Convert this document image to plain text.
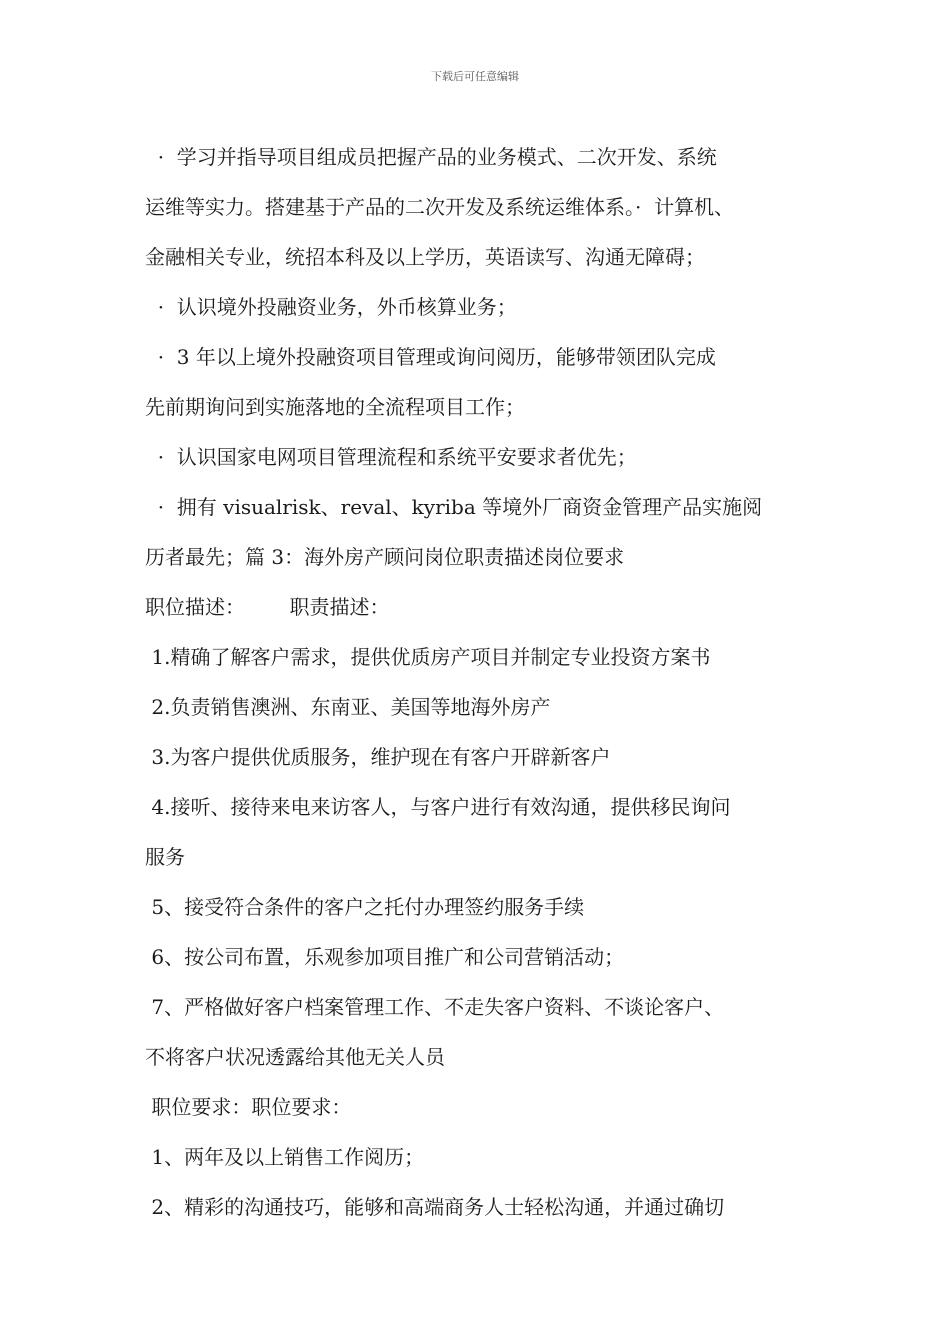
下载后可任意编辑
·  学习并指导项目组成员把握产品的业务模式、二次开发、系统
运维等实力。搭建基于产品的二次开发及系统运维体系。·  计算机、
金融相关专业，统招本科及以上学历，英语读写、沟通无障碍；
·  认识境外投融资业务，外币核算业务；
·  3 年以上境外投融资项目管理或询问阅历，能够带领团队完成
先前期询问到实施落地的全流程项目工作；
·  认识国家电网项目管理流程和系统平安要求者优先；
·  拥有 visualrisk、reval、kyriba 等境外厂商资金管理产品实施阅
历者最先；篇 3：海外房产顾问岗位职责描述岗位要求
职位描述：       职责描述：
1.精确了解客户需求，提供优质房产项目并制定专业投资方案书
2.负责销售澳洲、东南亚、美国等地海外房产
3.为客户提供优质服务，维护现在有客户开辟新客户
4.接听、接待来电来访客人，与客户进行有效沟通，提供移民询问
服务
5、接受符合条件的客户之托付办理签约服务手续
6、按公司布置，乐观参加项目推广和公司营销活动；
7、严格做好客户档案管理工作、不走失客户资料、不谈论客户、
不将客户状况透露给其他无关人员
职位要求：职位要求：
1、两年及以上销售工作阅历；
2、精彩的沟通技巧，能够和高端商务人士轻松沟通，并通过确切
